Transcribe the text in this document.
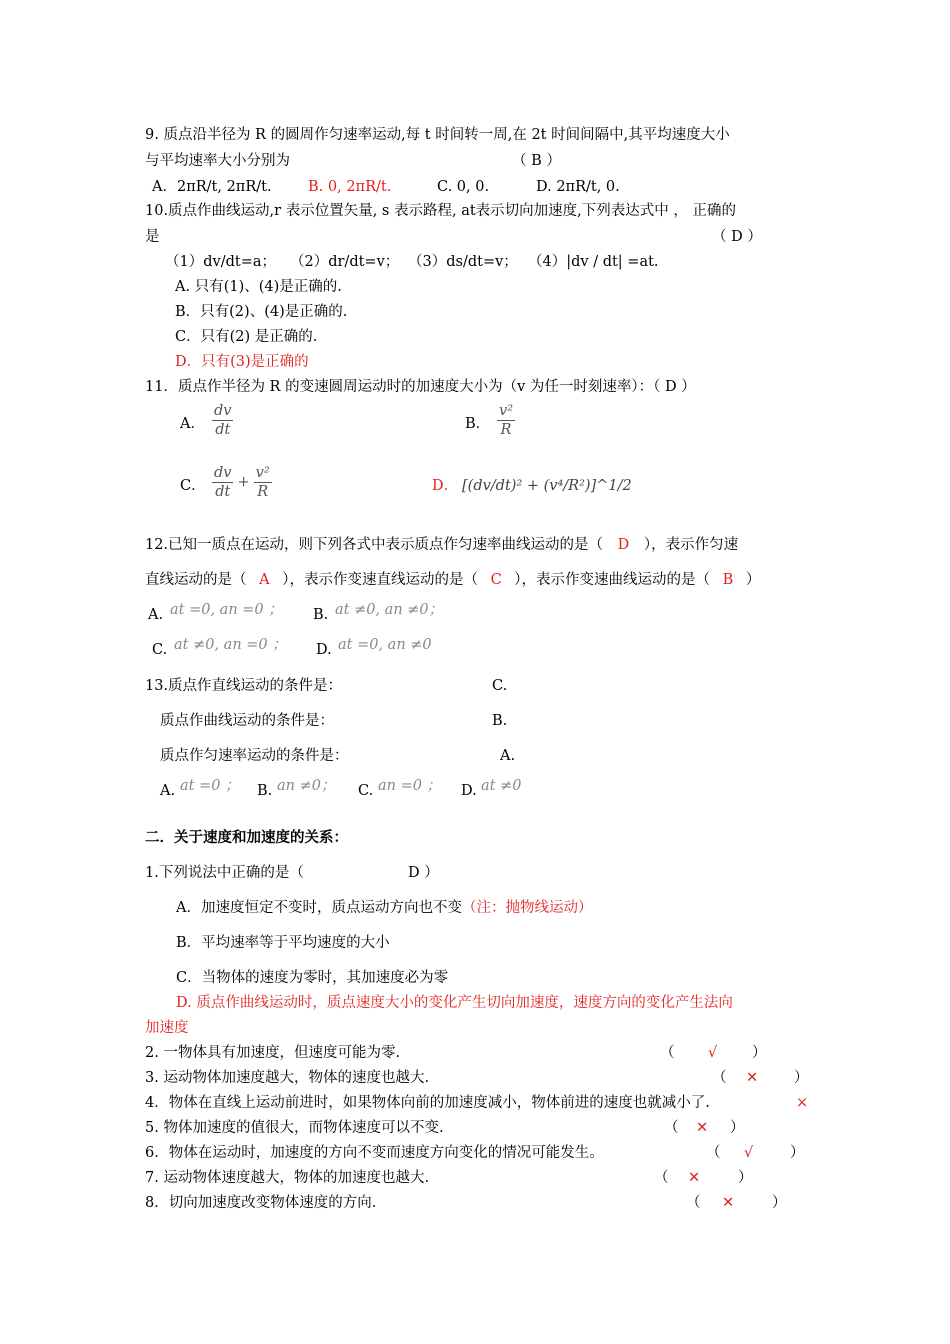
9. 质点沿半径为 R 的圆周作匀速率运动,每 t 时间转一周,在 2t 时间间隔中,其平均速度大小
与平均速率大小分别为	（ B ）
A．2πR/t, 2πR/t.	B. 0, 2πR/t.	C. 0, 0.	D. 2πR/t, 0.
10.质点作曲线运动,r 表示位置矢量, s 表示路程, at表示切向加速度,下列表达式中 ， 正确的
是	（ D ）
（1）dv/dt=a； （2）dr/dt=v； （3）ds/dt=v； （4）|dv / dt| =at.
A. 只有(1)、(4)是正确的.
B．只有(2)、(4)是正确的.
C．只有(2) 是正确的.
D．只有(3)是正确的
11．质点作半径为 R 的变速圆周运动时的加速度大小为（v 为任一时刻速率）：（ D ）
A． $\frac{dv}{dt}$	B． $\frac{\text{v²}}{R}$
C． $\frac{dv}{dt} + \frac{\text{v²}}{R}$	D． [(dv/dt)² + (v⁴/R²)]^1/2
12.已知一质点在运动，则下列各式中表示质点作匀速率曲线运动的是（ D ），表示作匀速
直线运动的是（ A ），表示作变速直线运动的是（ C ），表示作变速曲线运动的是（ B ）
A. at =0, an =0 ； B. at ≠0, an ≠0；
C. at ≠0, an =0 ； D. at =0, an ≠0
13.质点作直线运动的条件是：	C.
质点作曲线运动的条件是：	B.
质点作匀速率运动的条件是：	A.
A. at =0 ； B. an ≠0； C. an =0 ； D. at ≠0
二．关于速度和加速度的关系：
1.下列说法中正确的是（	D ）
A．加速度恒定不变时，质点运动方向也不变（注：抛物线运动）
B．平均速率等于平均速度的大小
C．当物体的速度为零时，其加速度必为零
D. 质点作曲线运动时，质点速度大小的变化产生切向加速度，速度方向的变化产生法向
加速度
2. 一物体具有加速度，但速度可能为零.	（ √ ）
3. 运动物体加速度越大，物体的速度也越大.	（ ✕ ）
4．物体在直线上运动前进时，如果物体向前的加速度减小，物体前进的速度也就减小了.	×
5. 物体加速度的值很大，而物体速度可以不变.	（ ✕ ）
6．物体在运动时，加速度的方向不变而速度方向变化的情况可能发生。	（ √	）
7. 运动物体速度越大，物体的加速度也越大.	（ ✕	）
8．切向加速度改变物体速度的方向.	（ ✕	）
